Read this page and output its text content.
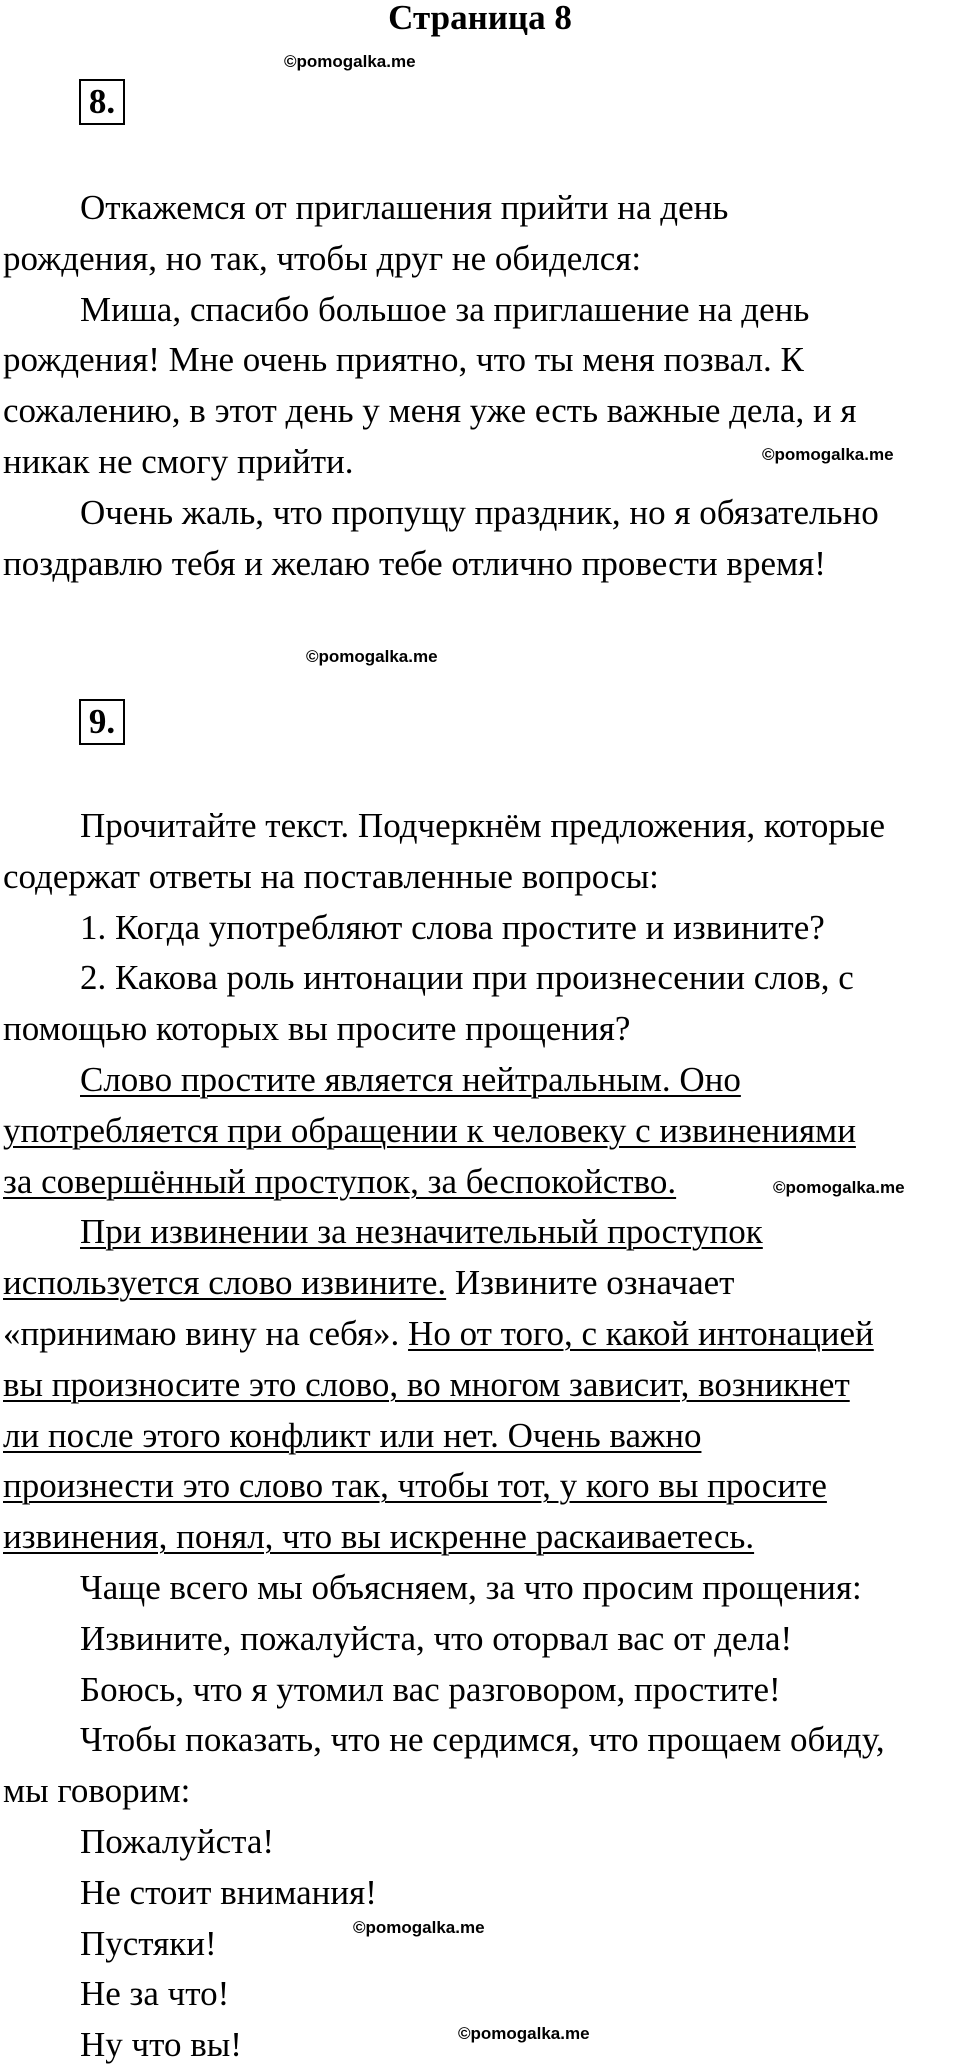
Страница 8
8.
9.
©pomogalka.me
©pomogalka.me
©pomogalka.me
©pomogalka.me
©pomogalka.me
©pomogalka.me
Откажемся от приглашения прийти на день
рождения, но так, чтобы друг не обиделся:
Миша, спасибо большое за приглашение на день
рождения! Мне очень приятно, что ты меня позвал. К
сожалению, в этот день у меня уже есть важные дела, и я
никак не смогу прийти.
Очень жаль, что пропущу праздник, но я обязательно
поздравлю тебя и желаю тебе отлично провести время!
Прочитайте текст. Подчеркнём предложения, которые
содержат ответы на поставленные вопросы:
1. Когда употребляют слова простите и извините?
2. Какова роль интонации при произнесении слов, с
помощью которых вы просите прощения?
Слово простите является нейтральным. Оно
употребляется при обращении к человеку с извинениями
за совершённый проступок, за беспокойство.
При извинении за незначительный проступок
используется слово извините. Извините означает
«принимаю вину на себя». Но от того, с какой интонацией
вы произносите это слово, во многом зависит, возникнет
ли после этого конфликт или нет. Очень важно
произнести это слово так, чтобы тот, у кого вы просите
извинения, понял, что вы искренне раскаиваетесь.
Чаще всего мы объясняем, за что просим прощения:
Извините, пожалуйста, что оторвал вас от дела!
Боюсь, что я утомил вас разговором, простите!
Чтобы показать, что не сердимся, что прощаем обиду,
мы говорим:
Пожалуйста!
Не стоит внимания!
Пустяки!
Не за что!
Ну что вы!
